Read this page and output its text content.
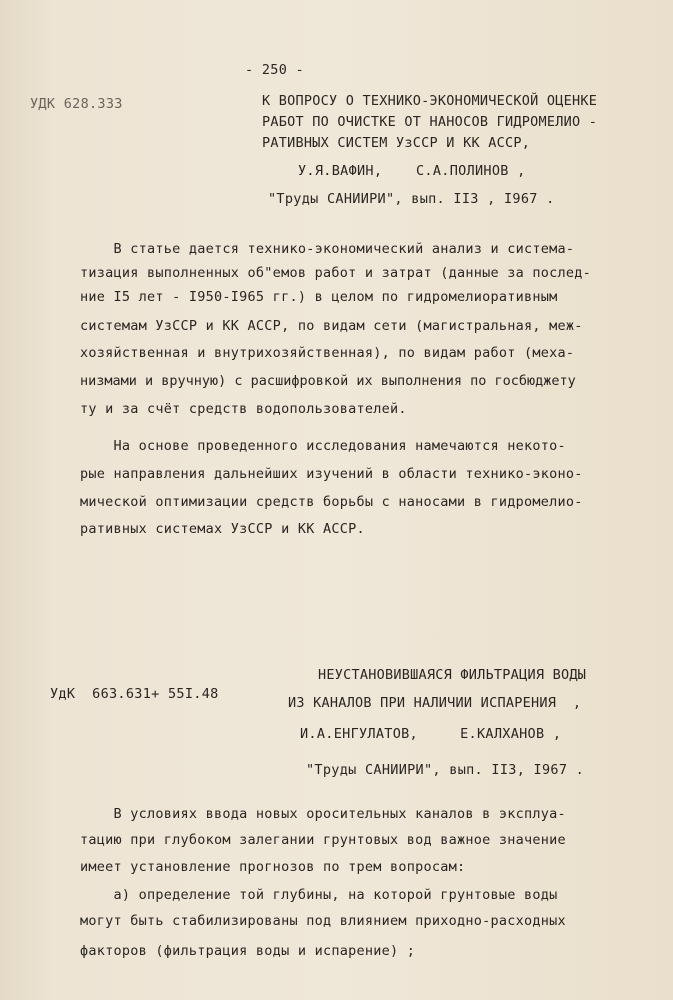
- 250 -
УДК 628.333	К ВОПРОСУ О ТЕХНИКО-ЭКОНОМИЧЕСКОЙ ОЦЕНКЕ
РАБОТ ПО ОЧИСТКЕ ОТ НАНОСОВ ГИДРОМЕЛИО -
РАТИВНЫХ СИСТЕМ УзССР И КК АССР,
У.Я.ВАФИН,    С.А.ПОЛИНОВ ,
"Труды САНИИРИ", вып. II3 , I967 .
В статье дается технико-экономический анализ и система-
тизация выполненных об"емов работ и затрат (данные за послед-
ние I5 лет - I950-I965 гг.) в целом по гидромелиоративным
системам УзССР и КК АССР, по видам сети (магистральная, меж-
хозяйственная и внутрихозяйственная), по видам работ (меха-
низмами и вручную) с расшифровкой их выполнения по госбюджету
ту и за счёт средств водопользователей.
На основе проведенного исследования намечаются некото-
рые направления дальнейших изучений в области технико-эконо-
мической оптимизации средств борьбы с наносами в гидромелио-
ративных системах УзССР и КК АССР.
УдК  663.631+ 55I.48
НЕУСТАНОВИВШАЯСЯ ФИЛЬТРАЦИЯ ВОДЫ
ИЗ КАНАЛОВ ПРИ НАЛИЧИИ ИСПАРЕНИЯ  ,
И.А.ЕНГУЛАТОВ,     Е.КАЛХАНОВ ,
"Труды САНИИРИ", вып. II3, I967 .
В условиях ввода новых оросительных каналов в эксплуа-
тацию при глубоком залегании грунтовых вод важное значение
имеет установление прогнозов по трем вопросам:
а) определение той глубины, на которой грунтовые воды
могут быть стабилизированы под влиянием приходно-расходных
факторов (фильтрация воды и испарение) ;
